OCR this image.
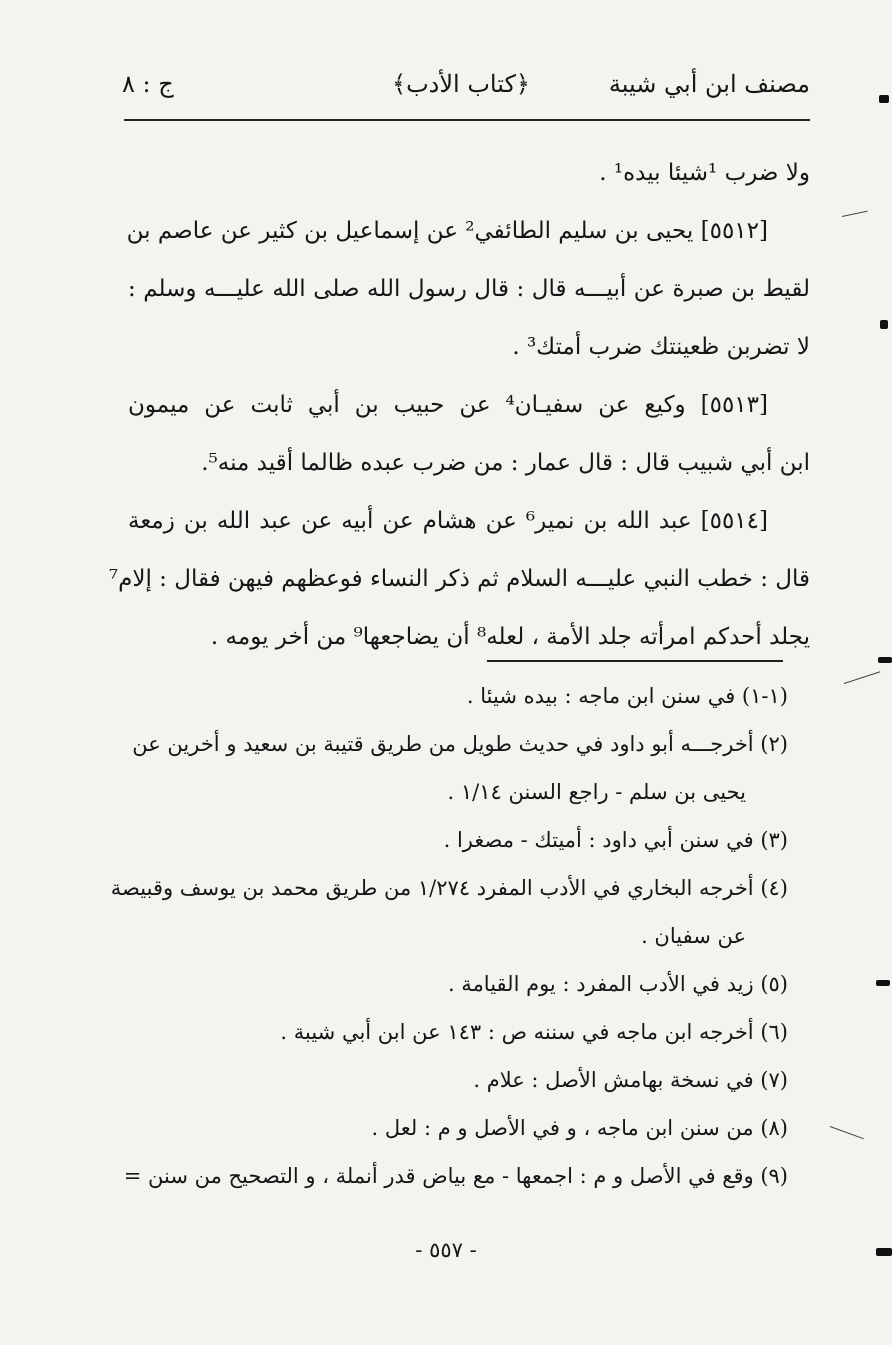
مصنف ابن أبي شيبة
﴿كتاب الأدب﴾
ج : ٨
ولا ضرب ¹شيئا بيده¹ .
[٥٥١٢] يحيى بن سليم الطائفي² عن إسماعيل بن كثير عن عاصم بن
لقيط بن صبرة عن أبيـــه قال : قال رسول الله صلى الله عليـــه وسلم :
لا تضربن ظعينتك ضرب أمتك³ .
[٥٥١٣] وكيع عن سفيـان⁴ عن حبيب بن أبي ثابت عن ميمون
ابن أبي شبيب قال : قال عمار : من ضرب عبده ظالما أقيد منه⁵.
[٥٥١٤] عبد الله بن نمير⁶ عن هشام عن أبيه عن عبد الله بن زمعة
قال : خطب النبي عليـــه السلام ثم ذكر النساء فوعظهم فيهن فقال : إلام⁷
يجلد أحدكم امرأته جلد الأمة ، لعله⁸ أن يضاجعها⁹ من أخر يومه .
(١-١) في سنن ابن ماجه : بيده شيئا .
(٢) أخرجـــه أبو داود في حديث طويل من طريق قتيبة بن سعيد و أخرين عن
يحيى بن سلم - راجع السنن ١/١٤ .
(٣) في سنن أبي داود : أميتك - مصغرا .
(٤) أخرجه البخاري في الأدب المفرد ١/٢٧٤ من طريق محمد بن يوسف وقبيصة
عن سفيان .
(٥) زيد في الأدب المفرد : يوم القيامة .
(٦) أخرجه ابن ماجه في سننه ص : ١٤٣ عن ابن أبي شيبة .
(٧) في نسخة بهامش الأصل : علام .
(٨) من سنن ابن ماجه ، و في الأصل و م : لعل .
(٩) وقع في الأصل و م : اجمعها - مع بياض قدر أنملة ، و التصحيح من سنن =
- ٥٥٧ -
